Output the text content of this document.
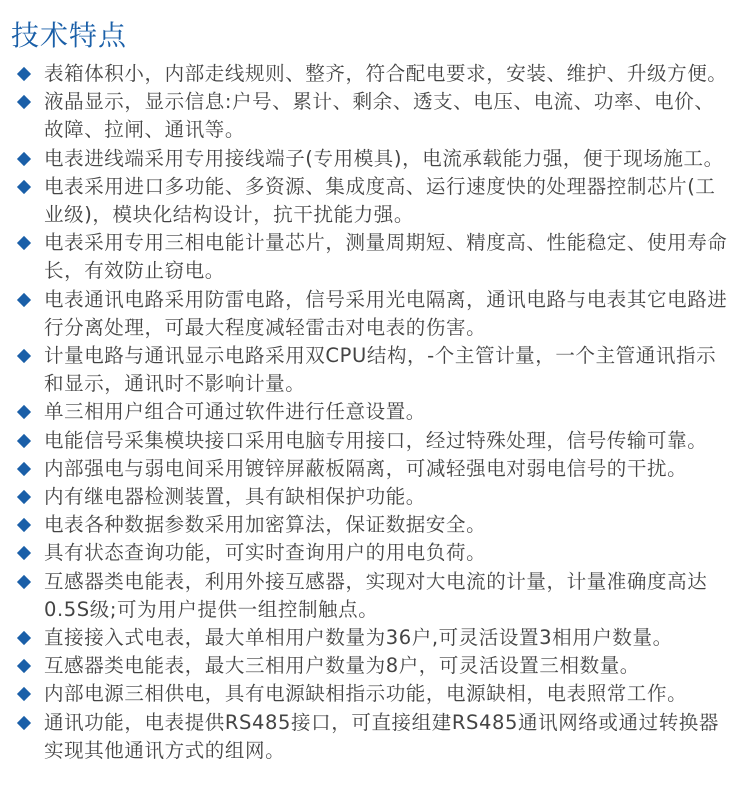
技术特点
表箱体积小，内部走线规则、整齐，符合配电要求，安装、维护、升级方便。
液晶显示，显示信息:户号、累计、剩余、透支、电压、电流、功率、电价、
故障、拉闸、通讯等。
电表进线端采用专用接线端子(专用模具)，电流承载能力强，便于现场施工。
电表采用进口多功能、多资源、集成度高、运行速度快的处理器控制芯片(工
业级)，模块化结构设计，抗干扰能力强。
电表采用专用三相电能计量芯片，测量周期短、精度高、性能稳定、使用寿命
长，有效防止窃电。
电表通讯电路采用防雷电路，信号采用光电隔离，通讯电路与电表其它电路进
行分离处理，可最大程度减轻雷击对电表的伤害。
计量电路与通讯显示电路采用双CPU结构，-个主管计量，一个主管通讯指示
和显示，通讯时不影响计量。
单三相用户组合可通过软件进行任意设置。
电能信号采集模块接口采用电脑专用接口，经过特殊处理，信号传输可靠。
内部强电与弱电间采用镀锌屏蔽板隔离，可减轻强电对弱电信号的干扰。
内有继电器检测装置，具有缺相保护功能。
电表各种数据参数采用加密算法，保证数据安全。
具有状态查询功能，可实时查询用户的用电负荷。
互感器类电能表，利用外接互感器，实现对大电流的计量，计量准确度高达
0.5S级;可为用户提供一组控制触点。
直接接入式电表，最大单相用户数量为36户,可灵活设置3相用户数量。
互感器类电能表，最大三相用户数量为8户，可灵活设置三相数量。
内部电源三相供电，具有电源缺相指示功能，电源缺相，电表照常工作。
通讯功能，电表提供RS485接口，可直接组建RS485通讯网络或通过转换器
实现其他通讯方式的组网。
